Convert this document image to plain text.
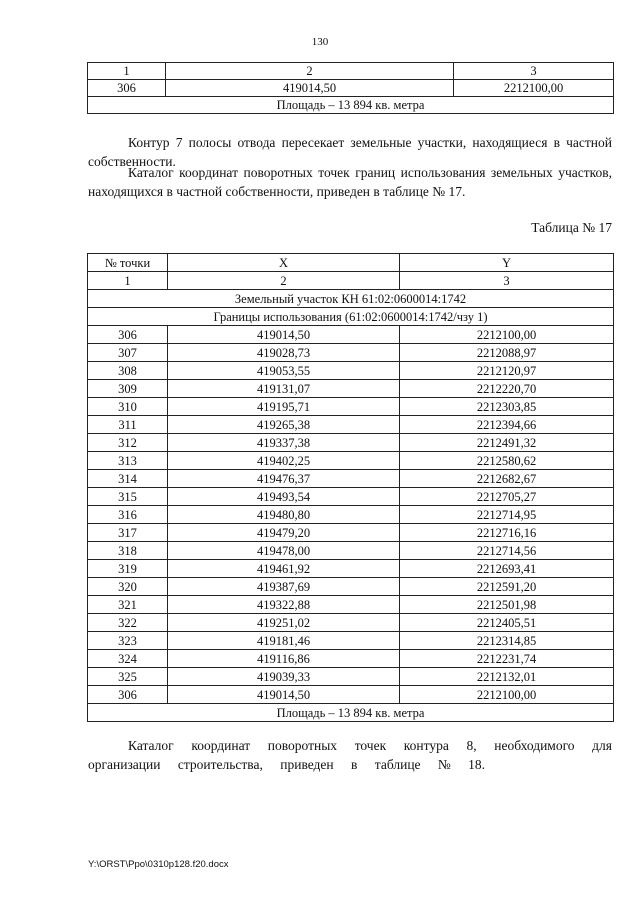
130
1	2	3
306	419014,50	2212100,00
Площадь – 13 894 кв. метра		
Контур 7 полосы отвода пересекает земельные участки, находящиеся в частной собственности.
Каталог координат поворотных точек границ использования земельных участков, находящихся в частной собственности, приведен в таблице № 17.
Таблица № 17
№ точки	X	Y
1	2	3
Земельный участок КН 61:02:0600014:1742		
Границы использования (61:02:0600014:1742/чзу 1)		
306	419014,50	2212100,00
307	419028,73	2212088,97
308	419053,55	2212120,97
309	419131,07	2212220,70
310	419195,71	2212303,85
311	419265,38	2212394,66
312	419337,38	2212491,32
313	419402,25	2212580,62
314	419476,37	2212682,67
315	419493,54	2212705,27
316	419480,80	2212714,95
317	419479,20	2212716,16
318	419478,00	2212714,56
319	419461,92	2212693,41
320	419387,69	2212591,20
321	419322,88	2212501,98
322	419251,02	2212405,51
323	419181,46	2212314,85
324	419116,86	2212231,74
325	419039,33	2212132,01
306	419014,50	2212100,00
Площадь – 13 894 кв. метра		
Каталог координат поворотных точек контура 8, необходимого для организации строительства, приведен в таблице № 18.
Y:\ORST\Ppo\0310p128.f20.docx
